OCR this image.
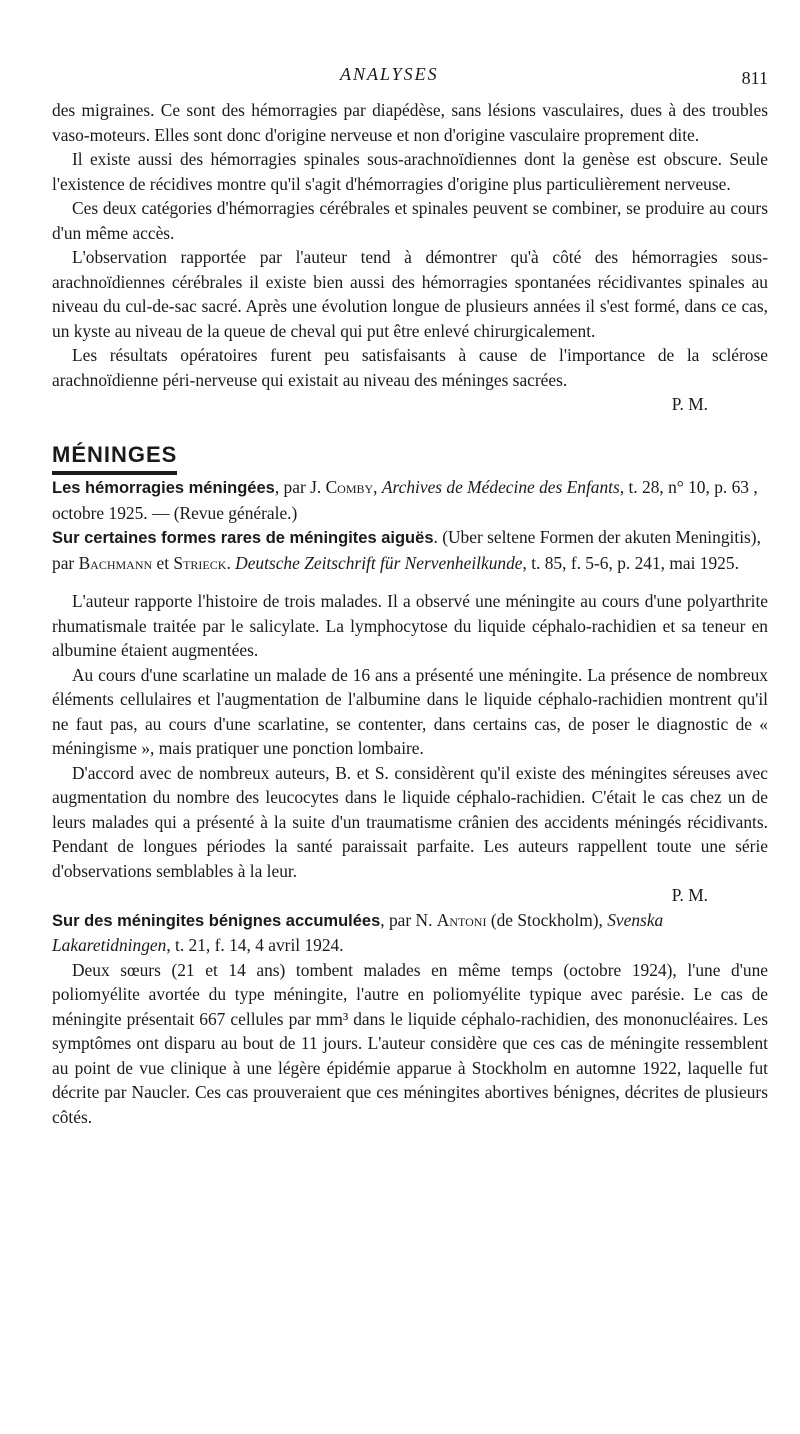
ANALYSES	811

des migraines. Ce sont des hémorragies par diapédèse, sans lésions vasculaires, dues à des troubles vaso-moteurs. Elles sont donc d'origine nerveuse et non d'origine vasculaire proprement dite.

Il existe aussi des hémorragies spinales sous-arachnoïdiennes dont la genèse est obscure. Seule l'existence de récidives montre qu'il s'agit d'hémorragies d'origine plus particulièrement nerveuse.

Ces deux catégories d'hémorragies cérébrales et spinales peuvent se combiner, se produire au cours d'un même accès.

L'observation rapportée par l'auteur tend à démontrer qu'à côté des hémorragies sous-arachnoïdiennes cérébrales il existe bien aussi des hémorragies spontanées récidivantes spinales au niveau du cul-de-sac sacré. Après une évolution longue de plusieurs années il s'est formé, dans ce cas, un kyste au niveau de la queue de cheval qui put être enlevé chirurgicalement.

Les résultats opératoires furent peu satisfaisants à cause de l'importance de la sclérose arachnoïdienne péri-nerveuse qui existait au niveau des méninges sacrées.

P. M.

MÉNINGES

Les hémorragies méningées, par J. Comby, Archives de Médecine des Enfants, t. 28, n° 10, p. 63 , octobre 1925. — (Revue générale.)

Sur certaines formes rares de méningites aiguës. (Uber seltene Formen der akuten Meningitis), par Bachmann et Strieck. Deutsche Zeitschrift für Nervenheilkunde, t. 85, f. 5-6, p. 241, mai 1925.

L'auteur rapporte l'histoire de trois malades. Il a observé une méningite au cours d'une polyarthrite rhumatismale traitée par le salicylate. La lymphocytose du liquide céphalo-rachidien et sa teneur en albumine étaient augmentées.

Au cours d'une scarlatine un malade de 16 ans a présenté une méningite. La présence de nombreux éléments cellulaires et l'augmentation de l'albumine dans le liquide céphalo-rachidien montrent qu'il ne faut pas, au cours d'une scarlatine, se contenter, dans certains cas, de poser le diagnostic de « méningisme », mais pratiquer une ponction lombaire.

D'accord avec de nombreux auteurs, B. et S. considèrent qu'il existe des méningites séreuses avec augmentation du nombre des leucocytes dans le liquide céphalo-rachidien. C'était le cas chez un de leurs malades qui a présenté à la suite d'un traumatisme crânien des accidents méningés récidivants. Pendant de longues périodes la santé paraissait parfaite. Les auteurs rappellent toute une série d'observations semblables à la leur.

P. M.

Sur des méningites bénignes accumulées, par N. Antoni (de Stockholm), Svenska Lakaretidningen, t. 21, f. 14, 4 avril 1924.

Deux sœurs (21 et 14 ans) tombent malades en même temps (octobre 1924), l'une d'une poliomyélite avortée du type méningite, l'autre en poliomyélite typique avec parésie. Le cas de méningite présentait 667 cellules par mm³ dans le liquide céphalo-rachidien, des mononucléaires. Les symptômes ont disparu au bout de 11 jours. L'auteur considère que ces cas de méningite ressemblent au point de vue clinique à une légère épidémie apparue à Stockholm en automne 1922, laquelle fut décrite par Naucler. Ces cas prouveraient que ces méningites abortives bénignes, décrites de plusieurs côtés.
